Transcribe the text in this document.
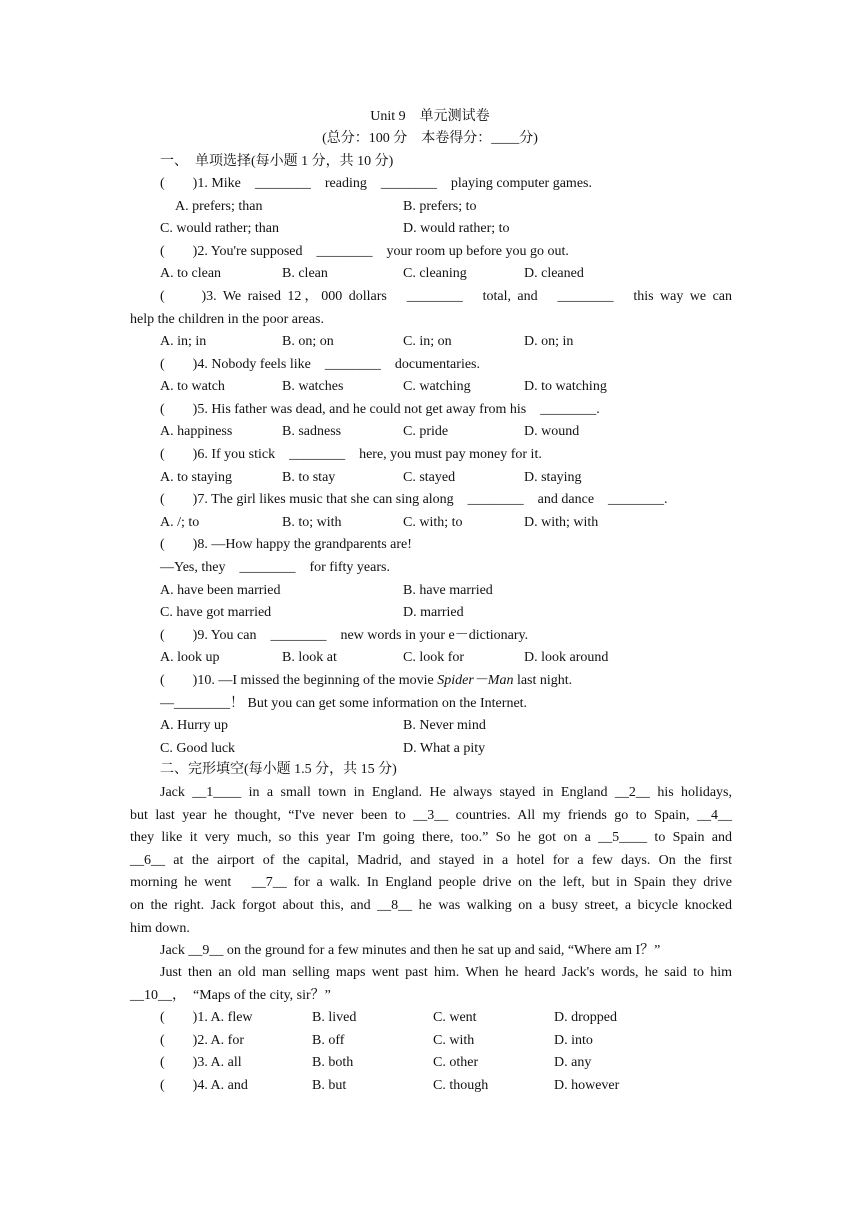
Unit 9　单元测试卷
(总分：100 分　本卷得分：____分)
一、　单项选择(每小题 1 分，共 10 分)
(　　)1. Mike　________　reading　________　playing computer games.
A. prefers; than	B. prefers; to
C. would rather; than	D. would rather; to
(　　)2. You're supposed　________　your room up before you go out.
A. to clean	B. clean	C. cleaning	D. cleaned
(　　)3. We raised 12，000 dollars　________　total, and　________　this way we can
help the children in the poor areas.
A. in; in	B. on; on	C. in; on	D. on; in
(　　)4. Nobody feels like　________　documentaries.
A. to watch	B. watches	C. watching	D. to watching
(　　)5. His father was dead, and he could not get away from his　________.
A. happiness	B. sadness	C. pride	D. wound
(　　)6. If you stick　________　here, you must pay money for it.
A. to staying	B. to stay	C. stayed	D. staying
(　　)7. The girl likes music that she can sing along　________　and dance　________.
A. /; to	B. to; with	C. with; to	D. with; with
(　　)8. —How happy the grandparents are!
—Yes, they　________　for fifty years.
A. have been married	B. have married
C. have got married	D. married
(　　)9. You can　________　new words in your e－dictionary.
A. look up	B. look at	C. look for	D. look around
(　　)10. —I missed the beginning of the movie Spider－Man last night.
—________！ But you can get some information on the Internet.
A. Hurry up	B. Never mind
C. Good luck	D. What a pity
二、完形填空(每小题 1.5 分，共 15 分)
Jack __1____ in a small town in England. He always stayed in England __2__ his holidays,
but last year he thought, “I've never been to __3__ countries. All my friends go to Spain, __4__
they like it very much, so this year I'm going there, too.” So he got on a __5____ to Spain and
__6__ at the airport of the capital, Madrid, and stayed in a hotel for a few days. On the first
morning he went　__7__ for a walk. In England people drive on the left, but in Spain they drive
on the right. Jack forgot about this, and __8__ he was walking on a busy street, a bicycle knocked
him down.
Jack __9__ on the ground for a few minutes and then he sat up and said, “Where am I？”
Just then an old man selling maps went past him. When he heard Jack's words, he said to him
__10__，　“Maps of the city, sir？”
(　　)1. A. flew	B. lived	C. went	D. dropped
(　　)2. A. for	B. off	C. with	D. into
(　　)3. A. all	B. both	C. other	D. any
(　　)4. A. and	B. but	C. though	D. however
